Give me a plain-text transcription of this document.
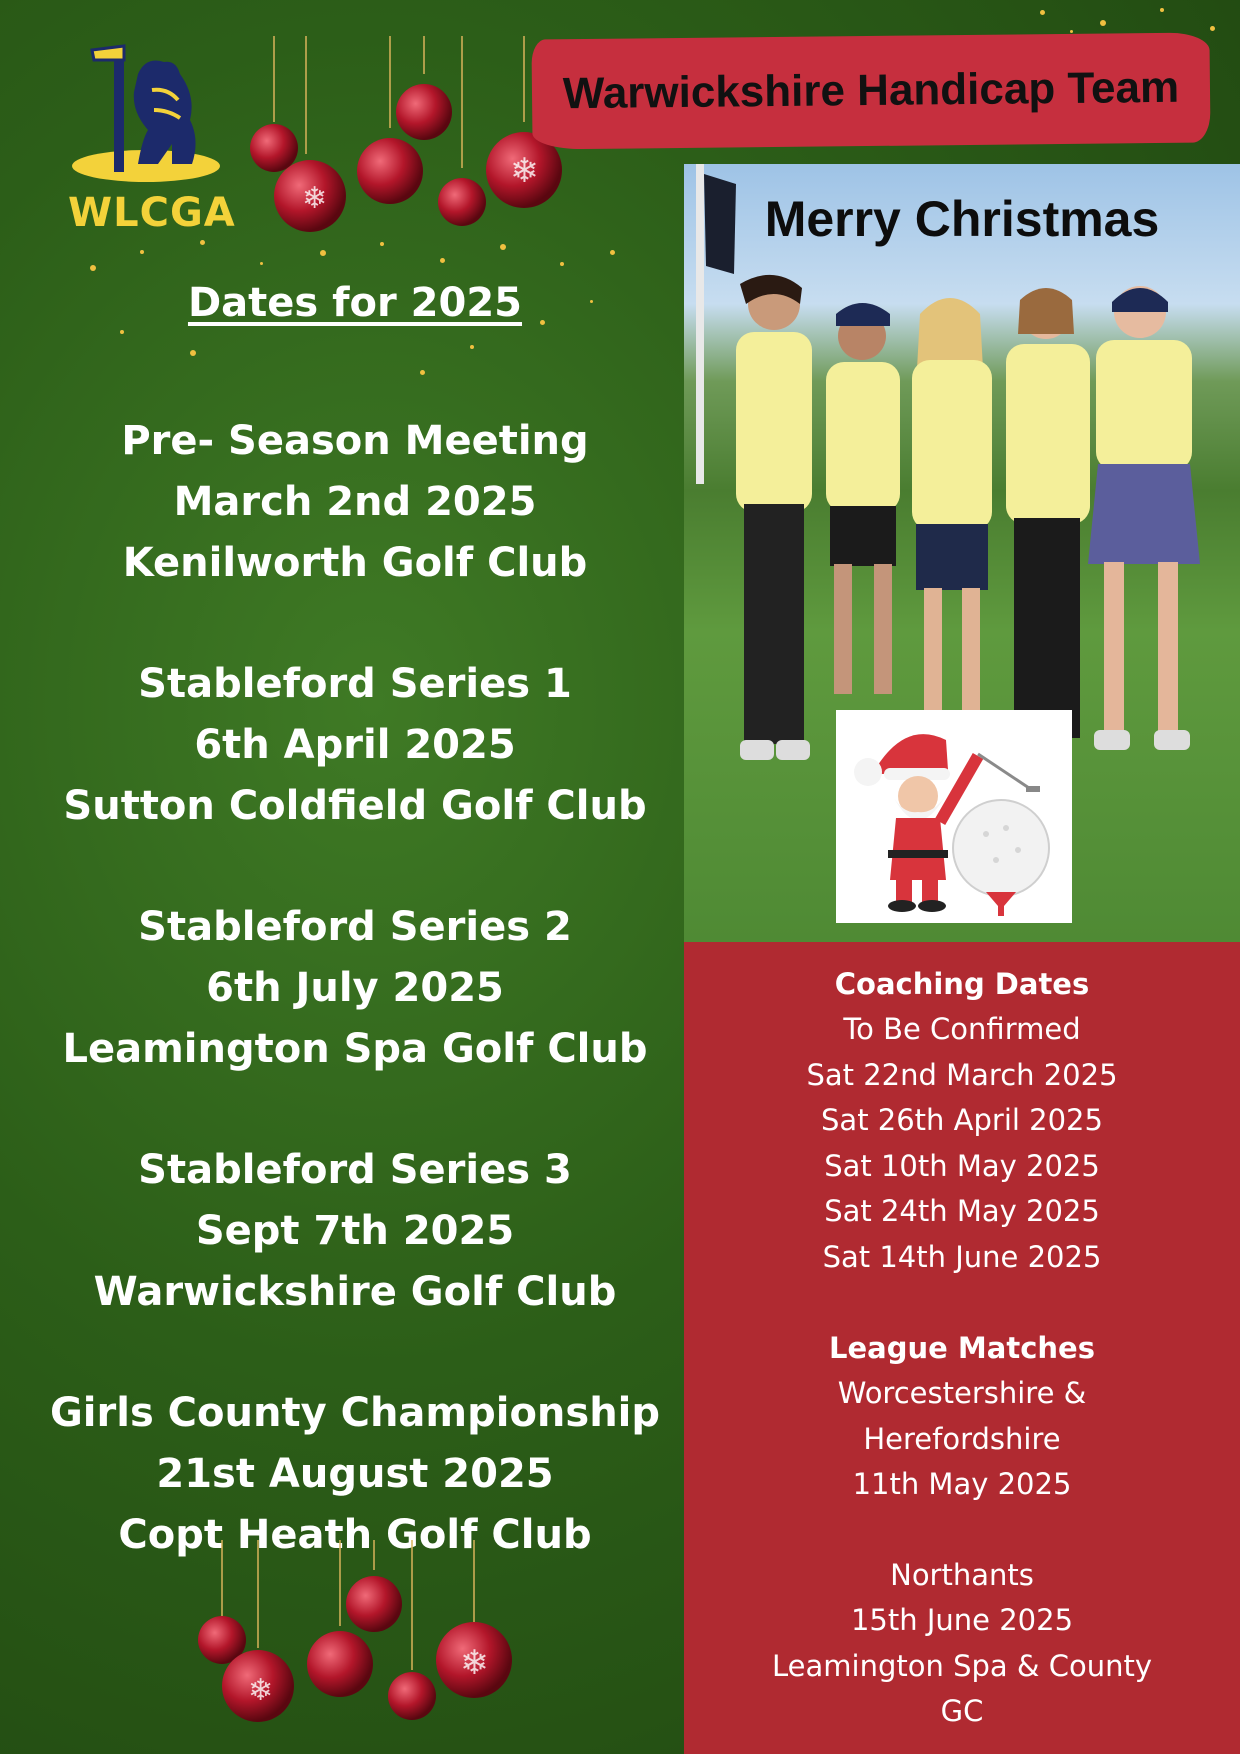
WLCGA ❄
❄
Warwickshire Handicap Team
Dates for 2025
Pre- Season Meeting
March 2nd 2025
Kenilworth Golf Club
Stableford Series 1
6th April 2025
Sutton Coldfield Golf Club
Stableford Series 2
6th July 2025
Leamington Spa Golf Club
Stableford Series 3
Sept 7th 2025
Warwickshire Golf Club
Girls County Championship
21st August 2025
Copt Heath Golf Club
❄
❄
Merry Christmas
Coaching Dates
To Be Confirmed
Sat 22nd March 2025
Sat 26th April 2025
Sat 10th May 2025
Sat 24th May 2025
Sat 14th June 2025
League Matches
Worcestershire &
Herefordshire
11th May 2025
Northants
15th June 2025
Leamington Spa & County
GC
